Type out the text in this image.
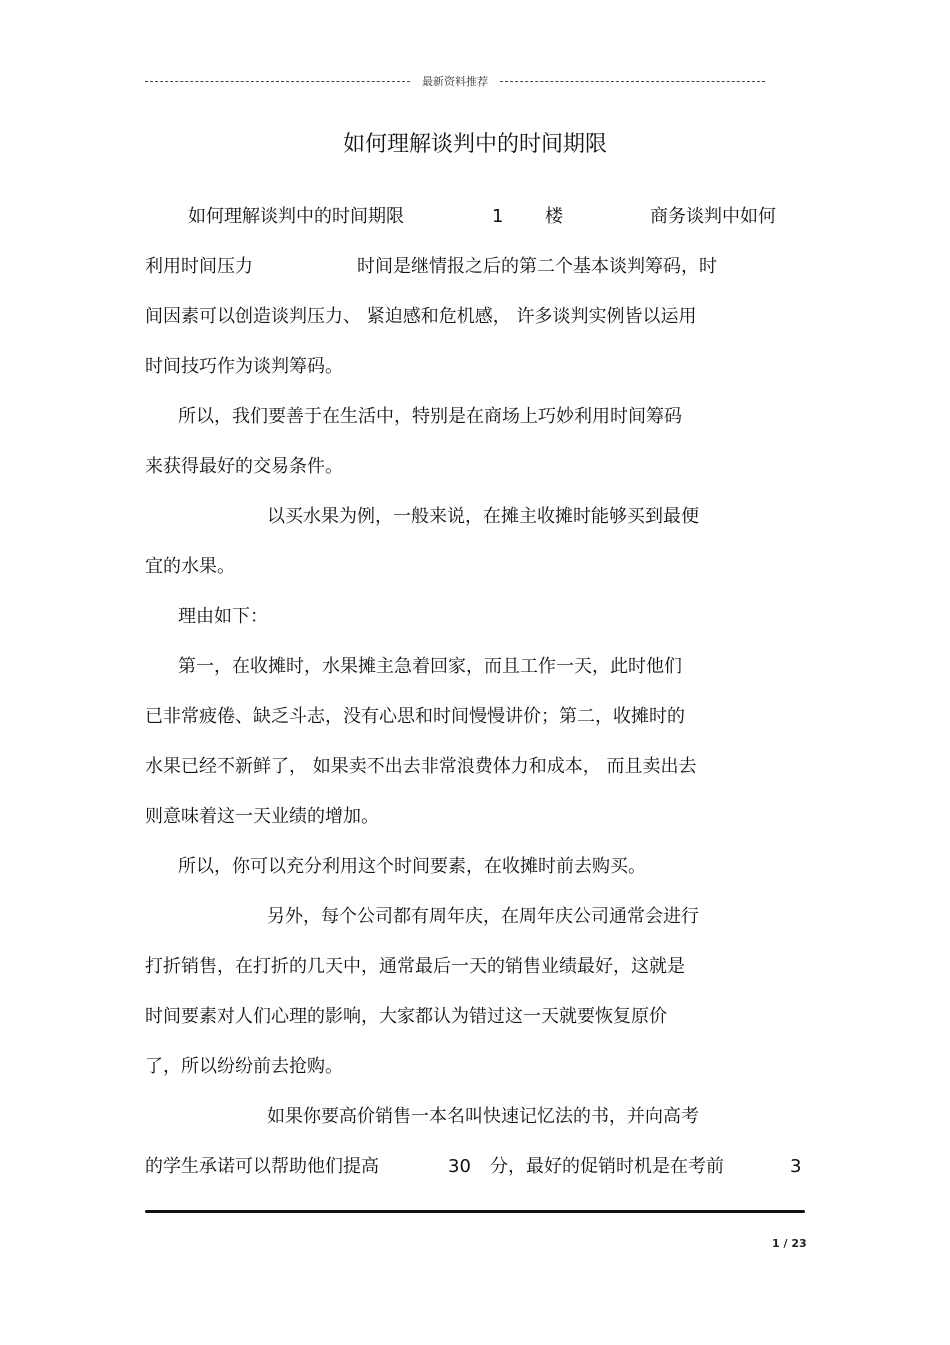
最新资料推荐
如何理解谈判中的时间期限
如何理解谈判中的时间期限	1 楼	商务谈判中如何
利用时间压力	时间是继情报之后的第二个基本谈判筹码，时
间因素可以创造谈判压力、 紧迫感和危机感， 许多谈判实例皆以运用
时间技巧作为谈判筹码。
所以，我们要善于在生活中，特别是在商场上巧妙利用时间筹码
来获得最好的交易条件。
以买水果为例，一般来说，在摊主收摊时能够买到最便
宜的水果。
理由如下：
第一，在收摊时，水果摊主急着回家，而且工作一天，此时他们
已非常疲倦、缺乏斗志，没有心思和时间慢慢讲价；第二，收摊时的
水果已经不新鲜了， 如果卖不出去非常浪费体力和成本， 而且卖出去
则意味着这一天业绩的增加。
所以，你可以充分利用这个时间要素，在收摊时前去购买。
另外，每个公司都有周年庆，在周年庆公司通常会进行
打折销售，在打折的几天中，通常最后一天的销售业绩最好，这就是
时间要素对人们心理的影响，大家都认为错过这一天就要恢复原价
了，所以纷纷前去抢购。
如果你要高价销售一本名叫快速记忆法的书，并向高考
的学生承诺可以帮助他们提高	30 分，最好的促销时机是在考前	3
1 / 23
